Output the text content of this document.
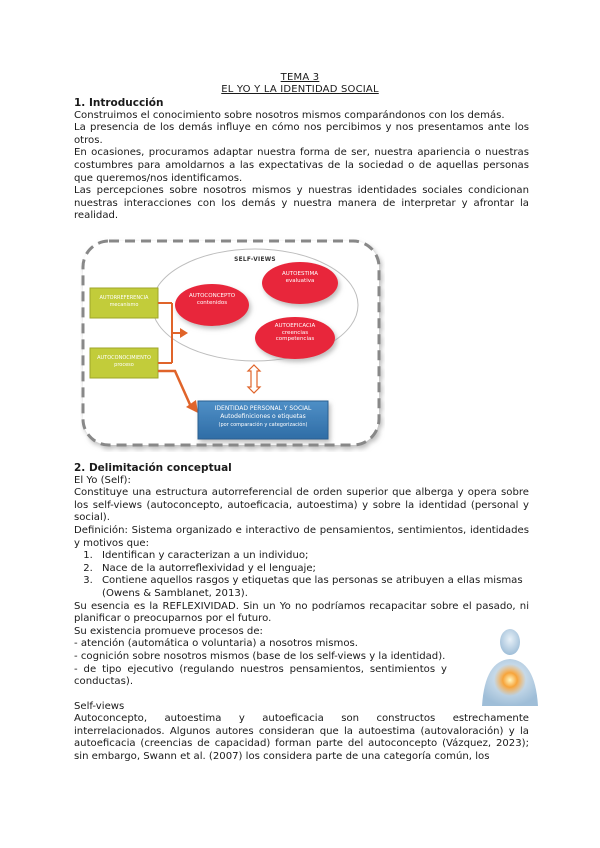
TEMA 3
EL YO Y LA IDENTIDAD SOCIAL
1. Introducción

Construimos el conocimiento sobre nosotros mismos comparándonos con los demás.

La presencia de los demás influye en cómo nos percibimos y nos presentamos ante los otros.

En ocasiones, procuramos adaptar nuestra forma de ser, nuestra apariencia o nuestras costumbres para amoldarnos a las expectativas de la sociedad o de aquellas personas que queremos/nos identificamos.

Las percepciones sobre nosotros mismos y nuestras identidades sociales condicionan nuestras interacciones con los demás y nuestra manera de interpretar y afrontar la realidad.

SELF-VIEWS
AUTOCONCEPTO
contenidos
AUTOESTIMA
evaluativa
AUTOEFICACIA
creencias
competencias
AUTORREFERENCIA
mecanismo
AUTOCONOCIMIENTO
proceso
IDENTIDAD PERSONAL Y SOCIAL
Autodefiniciones o etiquetas
(por comparación y categorización)
2. Delimitación conceptual

El Yo (Self):

Constituye una estructura autorreferencial de orden superior que alberga y opera sobre los self-views (autoconcepto, autoeficacia, autoestima) y sobre la identidad (personal y social).

Definición: Sistema organizado e interactivo de pensamientos, sentimientos, identidades y motivos que:

1. Identifican y caracterizan a un individuo;
2. Nace de la autorreflexividad y el lenguaje;
3. Contiene aquellos rasgos y etiquetas que las personas se atribuyen a ellas mismas (Owens & Samblanet, 2013).

Su esencia es la REFLEXIVIDAD. Sin un Yo no podríamos recapacitar sobre el pasado, ni planificar o preocuparnos por el futuro.

Su existencia promueve procesos de:

- atención (automática o voluntaria) a nosotros mismos.

- cognición sobre nosotros mismos (base de los self-views y la identidad).

- de tipo ejecutivo (regulando nuestros pensamientos, sentimientos y conductas).

Self-views

Autoconcepto, autoestima y autoeficacia son constructos estrechamente interrelacionados. Algunos autores consideran que la autoestima (autovaloración) y la autoeficacia (creencias de capacidad) forman parte del autoconcepto (Vázquez, 2023); sin embargo, Swann et al. (2007) los considera parte de una categoría común, los
